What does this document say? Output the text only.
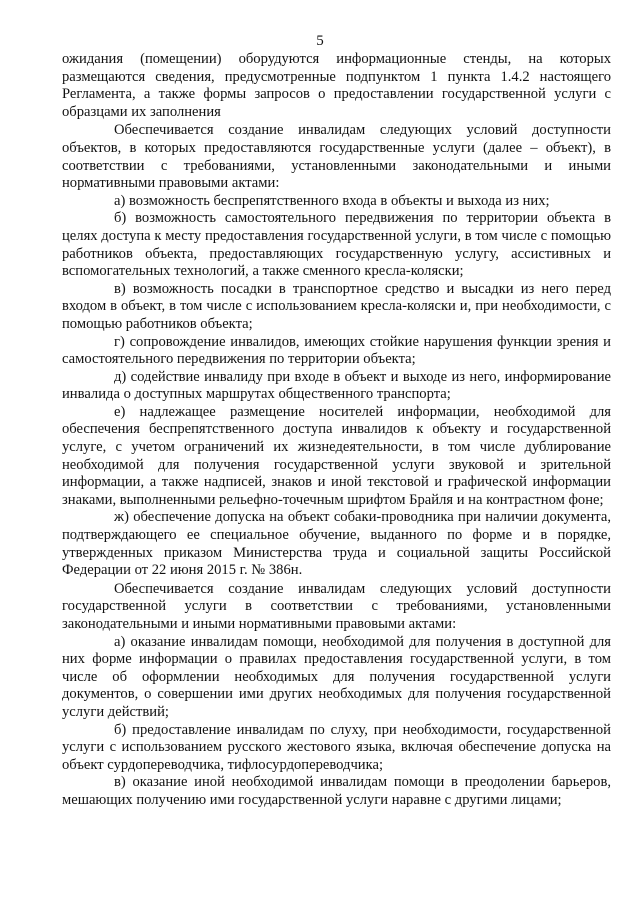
5

ожидания (помещении) оборудуются информационные стенды, на которых размещаются сведения, предусмотренные подпунктом 1 пункта 1.4.2 настоящего Регламента, а также формы запросов о предоставлении государственной услуги с образцами их заполнения

Обеспечивается создание инвалидам следующих условий доступности объектов, в которых предоставляются государственные услуги (далее – объект), в соответствии с требованиями, установленными законодательными и иными нормативными правовыми актами:

а) возможность беспрепятственного входа в объекты и выхода из них;

б) возможность самостоятельного передвижения по территории объекта в целях доступа к месту предоставления государственной услуги, в том числе с помощью работников объекта, предоставляющих государственную услугу, ассистивных и вспомогательных технологий, а также сменного кресла-коляски;

в) возможность посадки в транспортное средство и высадки из него перед входом в объект, в том числе с использованием кресла-коляски и, при необходимости, с помощью работников объекта;

г) сопровождение инвалидов, имеющих стойкие нарушения функции зрения и самостоятельного передвижения по территории объекта;

д) содействие инвалиду при входе в объект и выходе из него, информирование инвалида о доступных маршрутах общественного транспорта;

е) надлежащее размещение носителей информации, необходимой для обеспечения беспрепятственного доступа инвалидов к объекту и государственной услуге, с учетом ограничений их жизнедеятельности, в том числе дублирование необходимой для получения государственной услуги звуковой и зрительной информации, а также надписей, знаков и иной текстовой и графической информации знаками, выполненными рельефно-точечным шрифтом Брайля и на контрастном фоне;

ж) обеспечение допуска на объект собаки-проводника при наличии документа, подтверждающего ее специальное обучение, выданного по форме и в порядке, утвержденных приказом Министерства труда и социальной защиты Российской Федерации от 22 июня 2015 г. № 386н.

Обеспечивается создание инвалидам следующих условий доступности государственной услуги в соответствии с требованиями, установленными законодательными и иными нормативными правовыми актами:

а) оказание инвалидам помощи, необходимой для получения в доступной для них форме информации о правилах предоставления государственной услуги, в том числе об оформлении необходимых для получения государственной услуги документов, о совершении ими других необходимых для получения государственной услуги действий;

б) предоставление инвалидам по слуху, при необходимости, государственной услуги с использованием русского жестового языка, включая обеспечение допуска на объект сурдопереводчика, тифлосурдопереводчика;

в) оказание иной необходимой инвалидам помощи в преодолении барьеров, мешающих получению ими государственной услуги наравне с другими лицами;
